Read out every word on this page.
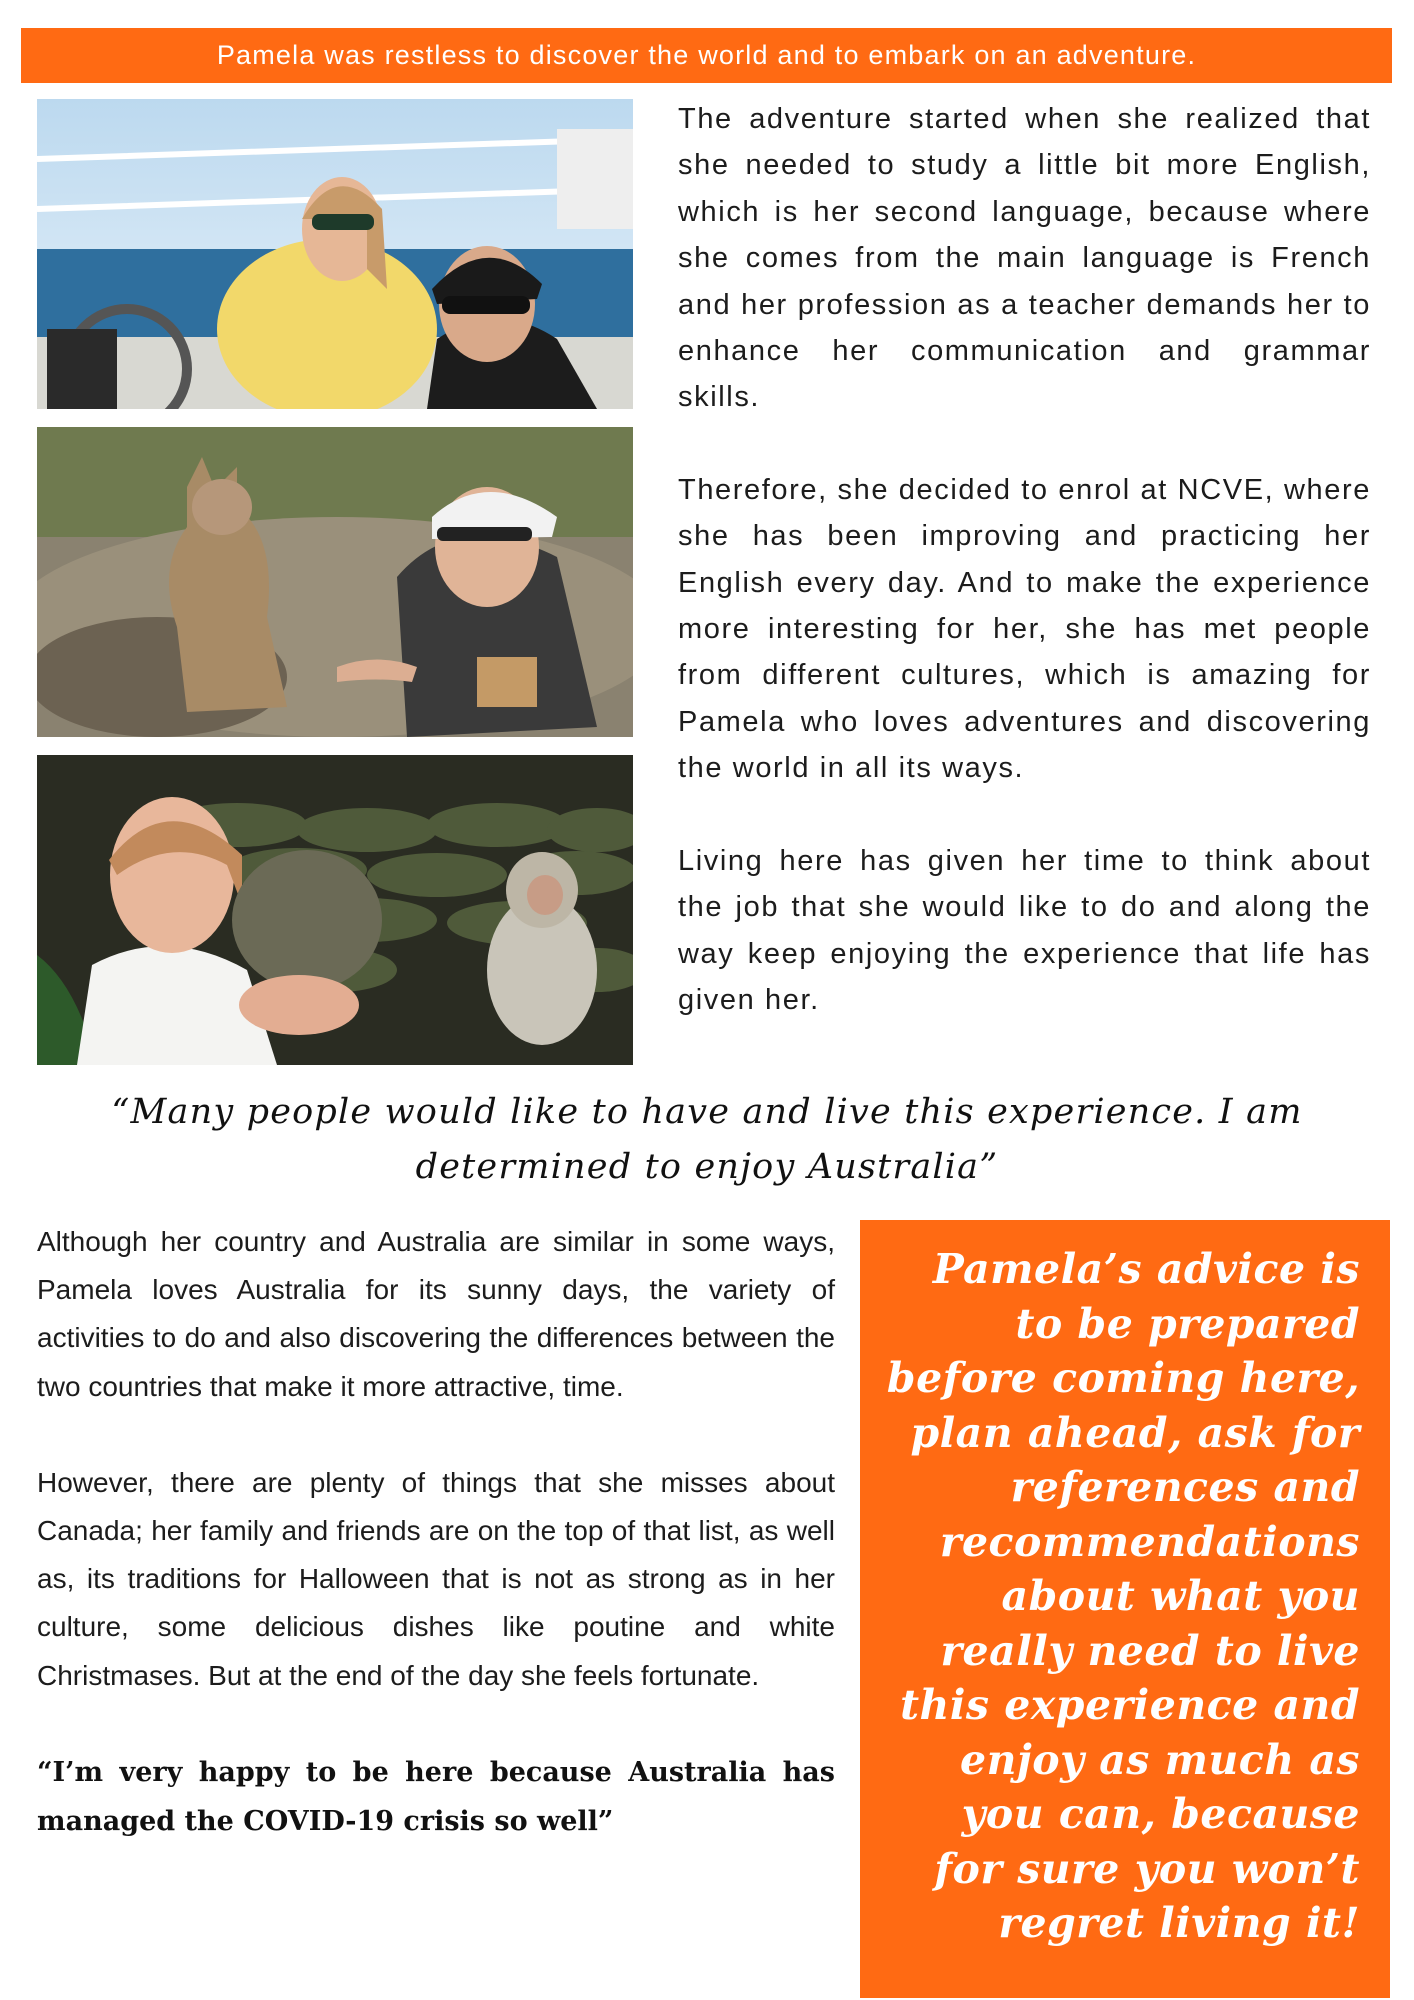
Pamela was restless to discover the world and to embark on an adventure.

The adventure started when she realized that she needed to study a little bit more English, which is her second language, because where she comes from the main language is French and her profession as a teacher demands her to enhance her communication and grammar skills.

Therefore, she decided to enrol at NCVE, where she has been improving and practicing her English every day. And to make the experience more interesting for her, she has met people from different cultures, which is amazing for Pamela who loves adventures and discovering the world in all its ways.

Living here has given her time to think about the job that she would like to do and along the way keep enjoying the experience that life has given her.

“Many people would like to have and live this experience. I am determined to enjoy Australia”

Although her country and Australia are similar in some ways, Pamela loves Australia for its sunny days, the variety of activities to do and also discovering the differences between the two countries that make it more attractive, time.

However, there are plenty of things that she misses about Canada; her family and friends are on the top of that list, as well as, its traditions for Halloween that is not as strong as in her culture, some delicious dishes like poutine and white Christmases. But at the end of the day she feels fortunate.

“I’m very happy to be here because Australia has managed the COVID-19 crisis so well”

Pamela’s advice is to be prepared before coming here, plan ahead, ask for references and recommendations about what you really need to live this experience and enjoy as much as you can, because for sure you won’t regret living it!
